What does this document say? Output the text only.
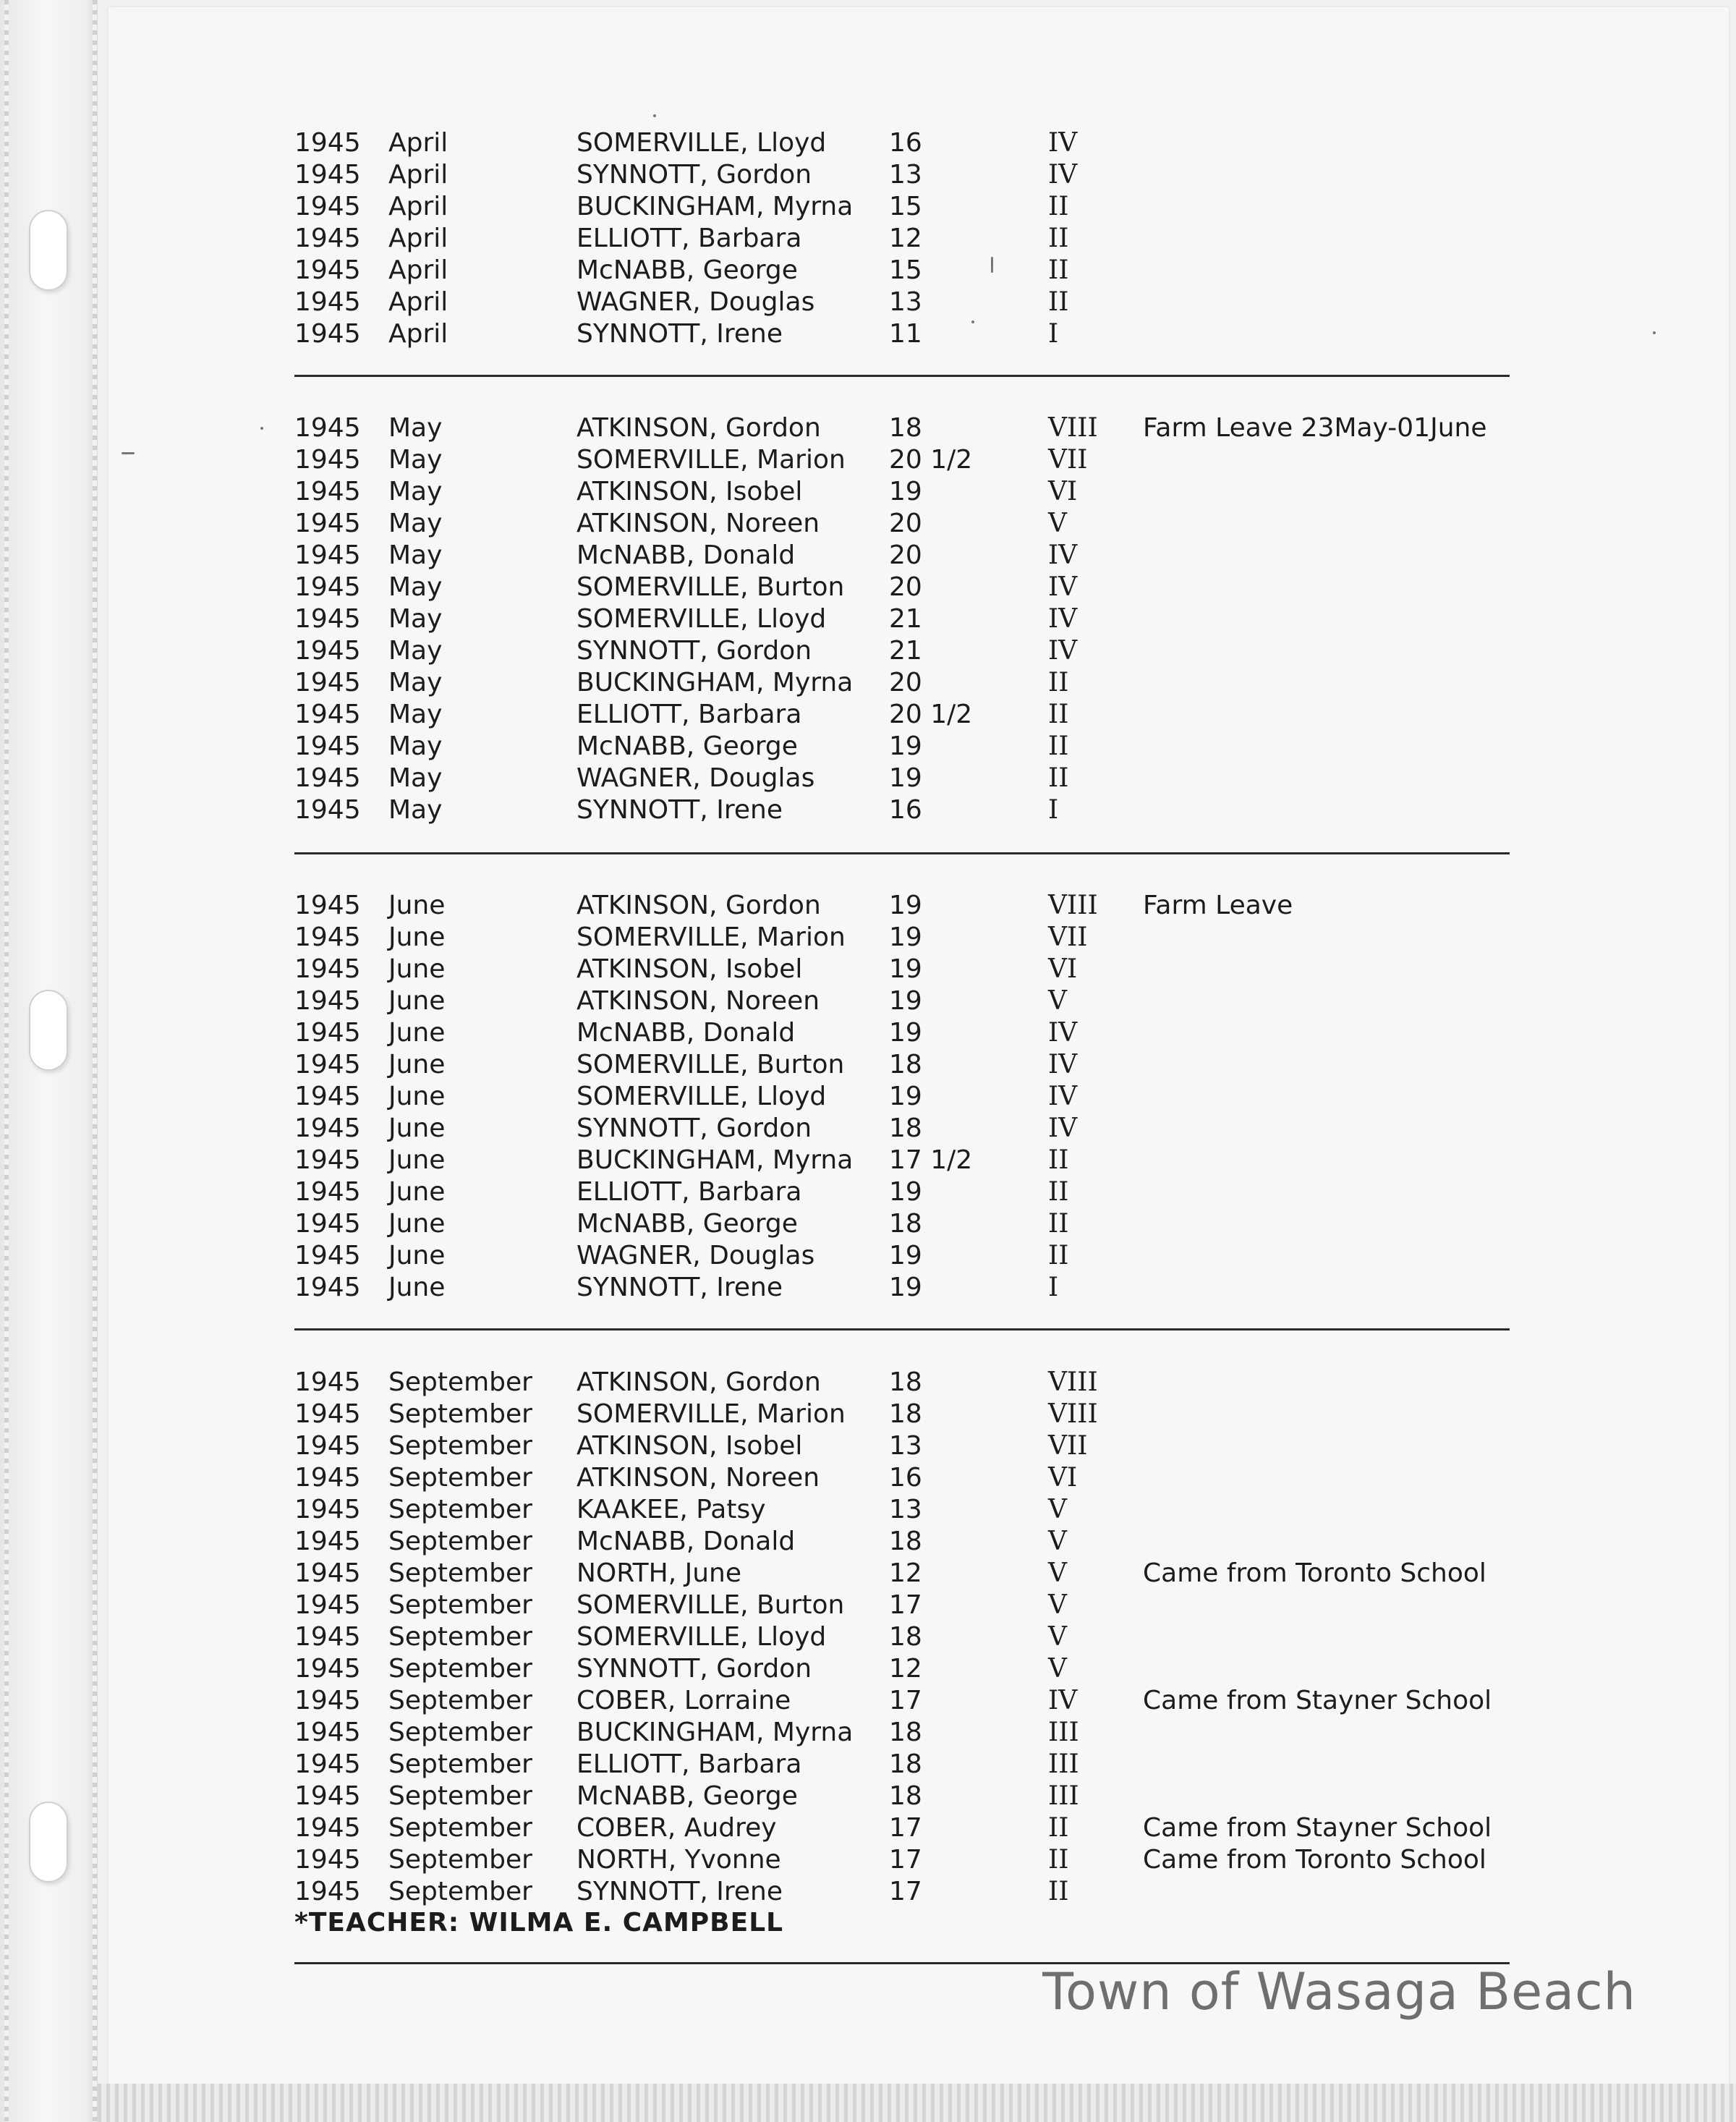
1945 April	SOMERVILLE, Lloyd 16	IV
1945 April	SYNNOTT, Gordon	13	IV
1945 April	BUCKINGHAM, Myrna 15	II
1945 April	ELLIOTT, Barbara	12	II
1945 April	McNABB, George	15	II
1945 April	WAGNER, Douglas	13	II
1945 April	SYNNOTT, Irene	11	I
1945 May	ATKINSON, Gordon	18	VIII Farm Leave 23May-01June
1945 May	SOMERVILLE, Marion 20 1/2	VII
1945 May	ATKINSON, Isobel	19	VI
1945 May	ATKINSON, Noreen	20	V
1945 May	McNABB, Donald	20	IV
1945 May	SOMERVILLE, Burton 20	IV
1945 May	SOMERVILLE, Lloyd 21	IV
1945 May	SYNNOTT, Gordon	21	IV
1945 May	BUCKINGHAM, Myrna 20	II
1945 May	ELLIOTT, Barbara	20 1/2	II
1945 May	McNABB, George	19	II
1945 May	WAGNER, Douglas	19	II
1945 May	SYNNOTT, Irene	16	I
1945 June	ATKINSON, Gordon	19	VIII Farm Leave
1945 June	SOMERVILLE, Marion 19	VII
1945 June	ATKINSON, Isobel	19	VI
1945 June	ATKINSON, Noreen	19	V
1945 June	McNABB, Donald	19	IV
1945 June	SOMERVILLE, Burton 18	IV
1945 June	SOMERVILLE, Lloyd 19	IV
1945 June	SYNNOTT, Gordon	18	IV
1945 June	BUCKINGHAM, Myrna 17 1/2	II
1945 June	ELLIOTT, Barbara	19	II
1945 June	McNABB, George	18	II
1945 June	WAGNER, Douglas	19	II
1945 June	SYNNOTT, Irene	19	I
1945 September ATKINSON, Gordon	18	VIII
1945 September SOMERVILLE, Marion 18	VIII
1945 September ATKINSON, Isobel	13	VII
1945 September ATKINSON, Noreen	16	VI
1945 September KAAKEE, Patsy	13	V
1945 September McNABB, Donald	18	V
1945 September NORTH, June	12	V	Came from Toronto School
1945 September SOMERVILLE, Burton 17	V
1945 September SOMERVILLE, Lloyd 18	V
1945 September SYNNOTT, Gordon	12	V
1945 September COBER, Lorraine	17	IV	Came from Stayner School
1945 September BUCKINGHAM, Myrna 18	III
1945 September ELLIOTT, Barbara	18	III
1945 September McNABB, George	18	III
1945 September COBER, Audrey	17	II	Came from Stayner School
1945 September NORTH, Yvonne	17	II	Came from Toronto School
1945 September SYNNOTT, Irene	17	II
*TEACHER: WILMA E. CAMPBELL
Town of Wasaga Beach
